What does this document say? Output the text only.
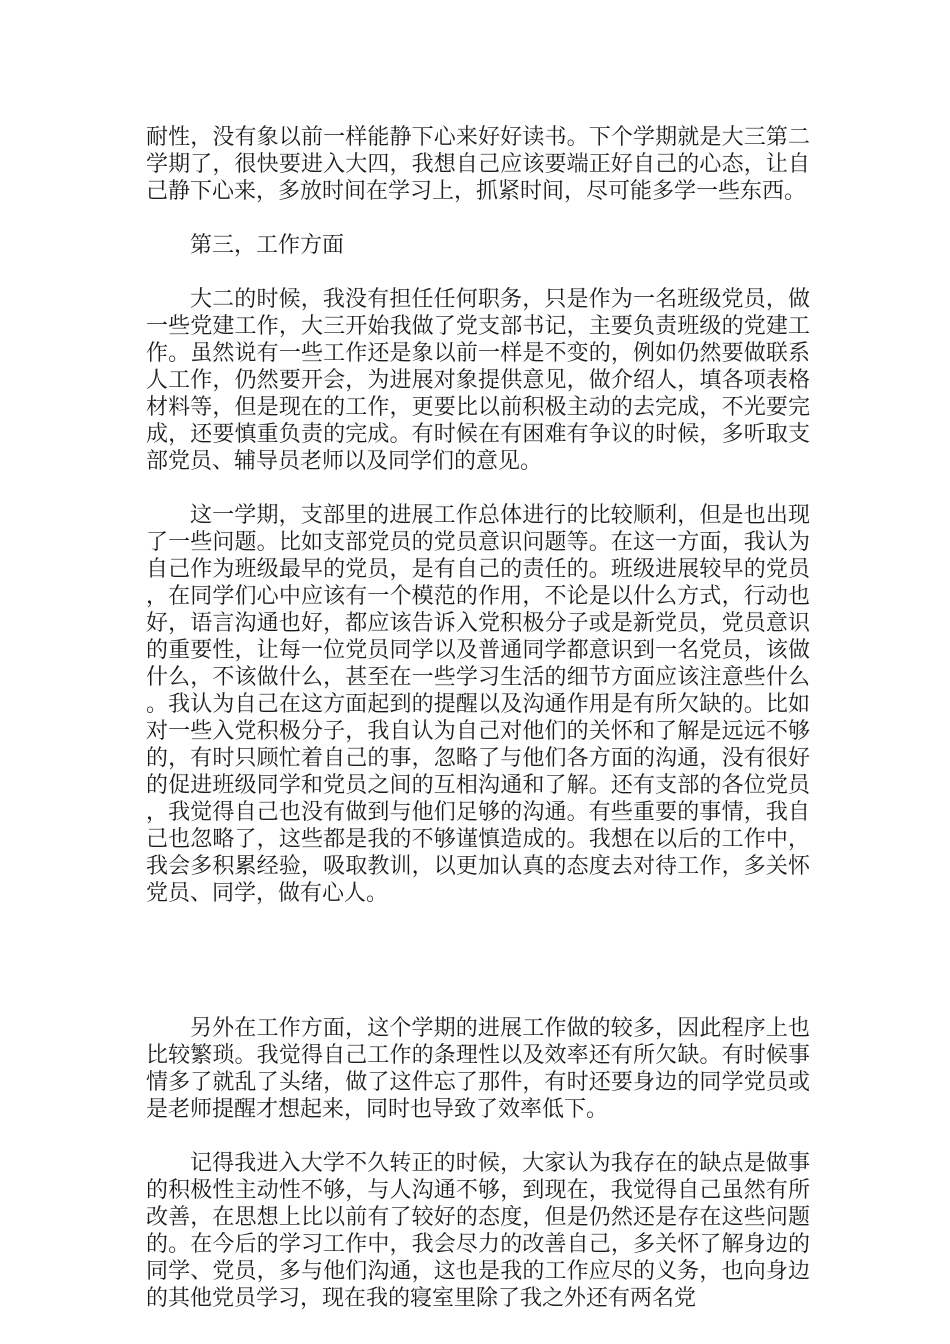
耐性，没有象以前一样能静下心来好好读书。下个学期就是大三第二学期了，很快要进入大四，我想自己应该要端正好自己的心态，让自己静下心来，多放时间在学习上，抓紧时间，尽可能多学一些东西。

第三，工作方面

大二的时候，我没有担任任何职务，只是作为一名班级党员，做一些党建工作，大三开始我做了党支部书记，主要负责班级的党建工作。虽然说有一些工作还是象以前一样是不变的，例如仍然要做联系人工作，仍然要开会，为进展对象提供意见，做介绍人，填各项表格材料等，但是现在的工作，更要比以前积极主动的去完成，不光要完成，还要慎重负责的完成。有时候在有困难有争议的时候，多听取支部党员、辅导员老师以及同学们的意见。

这一学期，支部里的进展工作总体进行的比较顺利，但是也出现了一些问题。比如支部党员的党员意识问题等。在这一方面，我认为自己作为班级最早的党员，是有自己的责任的。班级进展较早的党员，在同学们心中应该有一个模范的作用，不论是以什么方式，行动也好，语言沟通也好，都应该告诉入党积极分子或是新党员，党员意识的重要性，让每一位党员同学以及普通同学都意识到一名党员，该做什么，不该做什么，甚至在一些学习生活的细节方面应该注意些什么。我认为自己在这方面起到的提醒以及沟通作用是有所欠缺的。比如对一些入党积极分子，我自认为自己对他们的关怀和了解是远远不够的，有时只顾忙着自己的事，忽略了与他们各方面的沟通，没有很好的促进班级同学和党员之间的互相沟通和了解。还有支部的各位党员，我觉得自己也没有做到与他们足够的沟通。有些重要的事情，我自己也忽略了，这些都是我的不够谨慎造成的。我想在以后的工作中，我会多积累经验，吸取教训，以更加认真的态度去对待工作，多关怀党员、同学，做有心人。

另外在工作方面，这个学期的进展工作做的较多，因此程序上也比较繁琐。我觉得自己工作的条理性以及效率还有所欠缺。有时候事情多了就乱了头绪，做了这件忘了那件，有时还要身边的同学党员或是老师提醒才想起来，同时也导致了效率低下。

记得我进入大学不久转正的时候，大家认为我存在的缺点是做事的积极性主动性不够，与人沟通不够，到现在，我觉得自己虽然有所改善，在思想上比以前有了较好的态度，但是仍然还是存在这些问题的。在今后的学习工作中，我会尽力的改善自己，多关怀了解身边的同学、党员，多与他们沟通，这也是我的工作应尽的义务，也向身边的其他党员学习，现在我的寝室里除了我之外还有两名党
